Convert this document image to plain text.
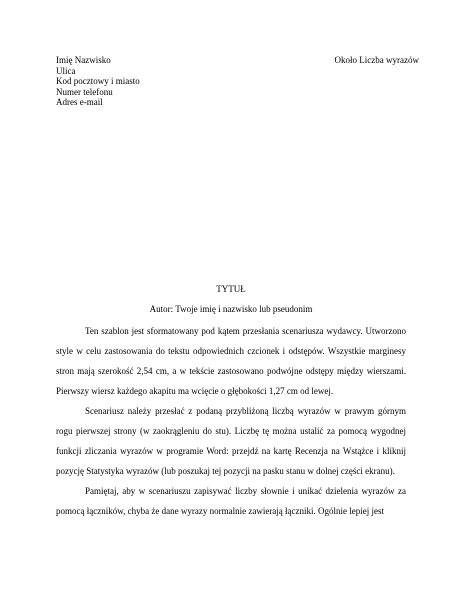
Imię Nazwisko
Ulica
Kod pocztowy i miasto
Numer telefonu
Adres e-mail
Około Liczba wyrazów
TYTUŁ
Autor: Twoje imię i nazwisko lub pseudonim

Ten szablon jest sformatowany pod kątem przesłania scenariusza wydawcy. Utworzono style w celu zastosowania do tekstu odpowiednich czcionek i odstępów. Wszystkie marginesy stron mają szerokość 2,54 cm, a w tekście zastosowano podwójne odstępy między wierszami. Pierwszy wiersz każdego akapitu ma wcięcie o głębokości 1,27 cm od lewej.

Scenariusz należy przesłać z podaną przybliżoną liczbą wyrazów w prawym górnym rogu pierwszej strony (w zaokrągleniu do stu). Liczbę tę można ustalić za pomocą wygodnej funkcji zliczania wyrazów w programie Word: przejdź na kartę Recenzja na Wstążce i kliknij pozycję Statystyka wyrazów (lub poszukaj tej pozycji na pasku stanu w dolnej części ekranu).

Pamiętaj, aby w scenariuszu zapisywać liczby słownie i unikać dzielenia wyrazów za pomocą łączników, chyba że dane wyrazy normalnie zawierają łączniki. Ogólnie lepiej jest
